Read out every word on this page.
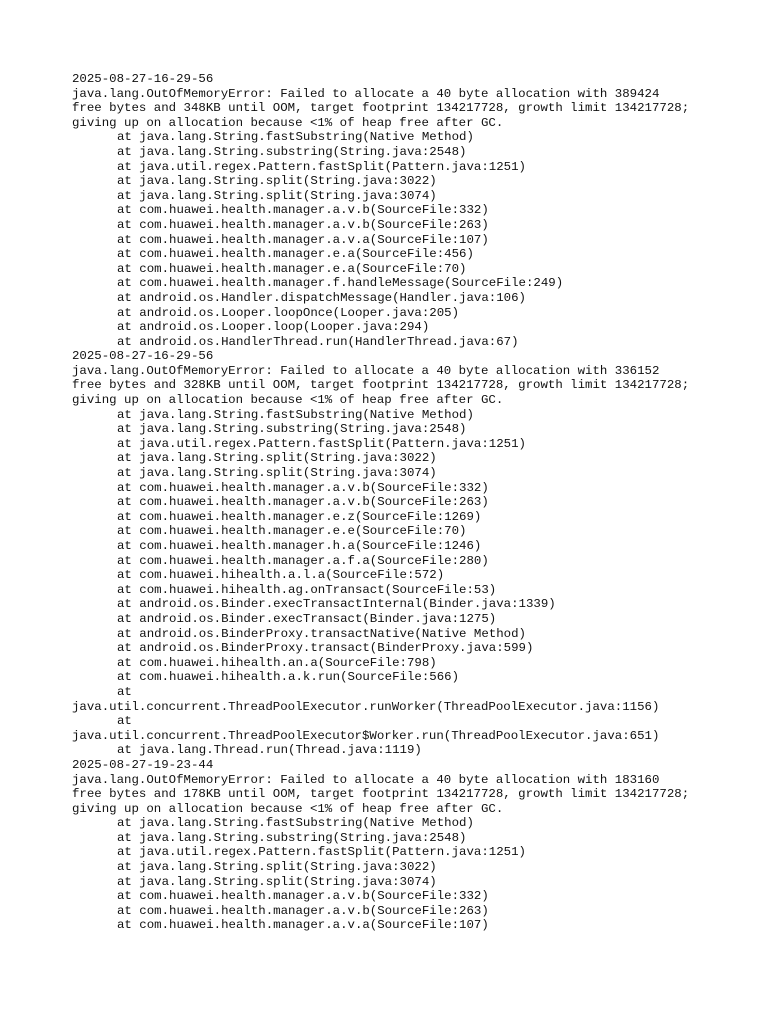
2025-08-27-16-29-56
java.lang.OutOfMemoryError: Failed to allocate a 40 byte allocation with 389424
free bytes and 348KB until OOM, target footprint 134217728, growth limit 134217728;
giving up on allocation because <1% of heap free after GC.
at java.lang.String.fastSubstring(Native Method)
at java.lang.String.substring(String.java:2548)
at java.util.regex.Pattern.fastSplit(Pattern.java:1251)
at java.lang.String.split(String.java:3022)
at java.lang.String.split(String.java:3074)
at com.huawei.health.manager.a.v.b(SourceFile:332)
at com.huawei.health.manager.a.v.b(SourceFile:263)
at com.huawei.health.manager.a.v.a(SourceFile:107)
at com.huawei.health.manager.e.a(SourceFile:456)
at com.huawei.health.manager.e.a(SourceFile:70)
at com.huawei.health.manager.f.handleMessage(SourceFile:249)
at android.os.Handler.dispatchMessage(Handler.java:106)
at android.os.Looper.loopOnce(Looper.java:205)
at android.os.Looper.loop(Looper.java:294)
at android.os.HandlerThread.run(HandlerThread.java:67)
2025-08-27-16-29-56
java.lang.OutOfMemoryError: Failed to allocate a 40 byte allocation with 336152
free bytes and 328KB until OOM, target footprint 134217728, growth limit 134217728;
giving up on allocation because <1% of heap free after GC.
at java.lang.String.fastSubstring(Native Method)
at java.lang.String.substring(String.java:2548)
at java.util.regex.Pattern.fastSplit(Pattern.java:1251)
at java.lang.String.split(String.java:3022)
at java.lang.String.split(String.java:3074)
at com.huawei.health.manager.a.v.b(SourceFile:332)
at com.huawei.health.manager.a.v.b(SourceFile:263)
at com.huawei.health.manager.e.z(SourceFile:1269)
at com.huawei.health.manager.e.e(SourceFile:70)
at com.huawei.health.manager.h.a(SourceFile:1246)
at com.huawei.health.manager.a.f.a(SourceFile:280)
at com.huawei.hihealth.a.l.a(SourceFile:572)
at com.huawei.hihealth.ag.onTransact(SourceFile:53)
at android.os.Binder.execTransactInternal(Binder.java:1339)
at android.os.Binder.execTransact(Binder.java:1275)
at android.os.BinderProxy.transactNative(Native Method)
at android.os.BinderProxy.transact(BinderProxy.java:599)
at com.huawei.hihealth.an.a(SourceFile:798)
at com.huawei.hihealth.a.k.run(SourceFile:566)
at
java.util.concurrent.ThreadPoolExecutor.runWorker(ThreadPoolExecutor.java:1156)
at
java.util.concurrent.ThreadPoolExecutor$Worker.run(ThreadPoolExecutor.java:651)
at java.lang.Thread.run(Thread.java:1119)
2025-08-27-19-23-44
java.lang.OutOfMemoryError: Failed to allocate a 40 byte allocation with 183160
free bytes and 178KB until OOM, target footprint 134217728, growth limit 134217728;
giving up on allocation because <1% of heap free after GC.
at java.lang.String.fastSubstring(Native Method)
at java.lang.String.substring(String.java:2548)
at java.util.regex.Pattern.fastSplit(Pattern.java:1251)
at java.lang.String.split(String.java:3022)
at java.lang.String.split(String.java:3074)
at com.huawei.health.manager.a.v.b(SourceFile:332)
at com.huawei.health.manager.a.v.b(SourceFile:263)
at com.huawei.health.manager.a.v.a(SourceFile:107)
